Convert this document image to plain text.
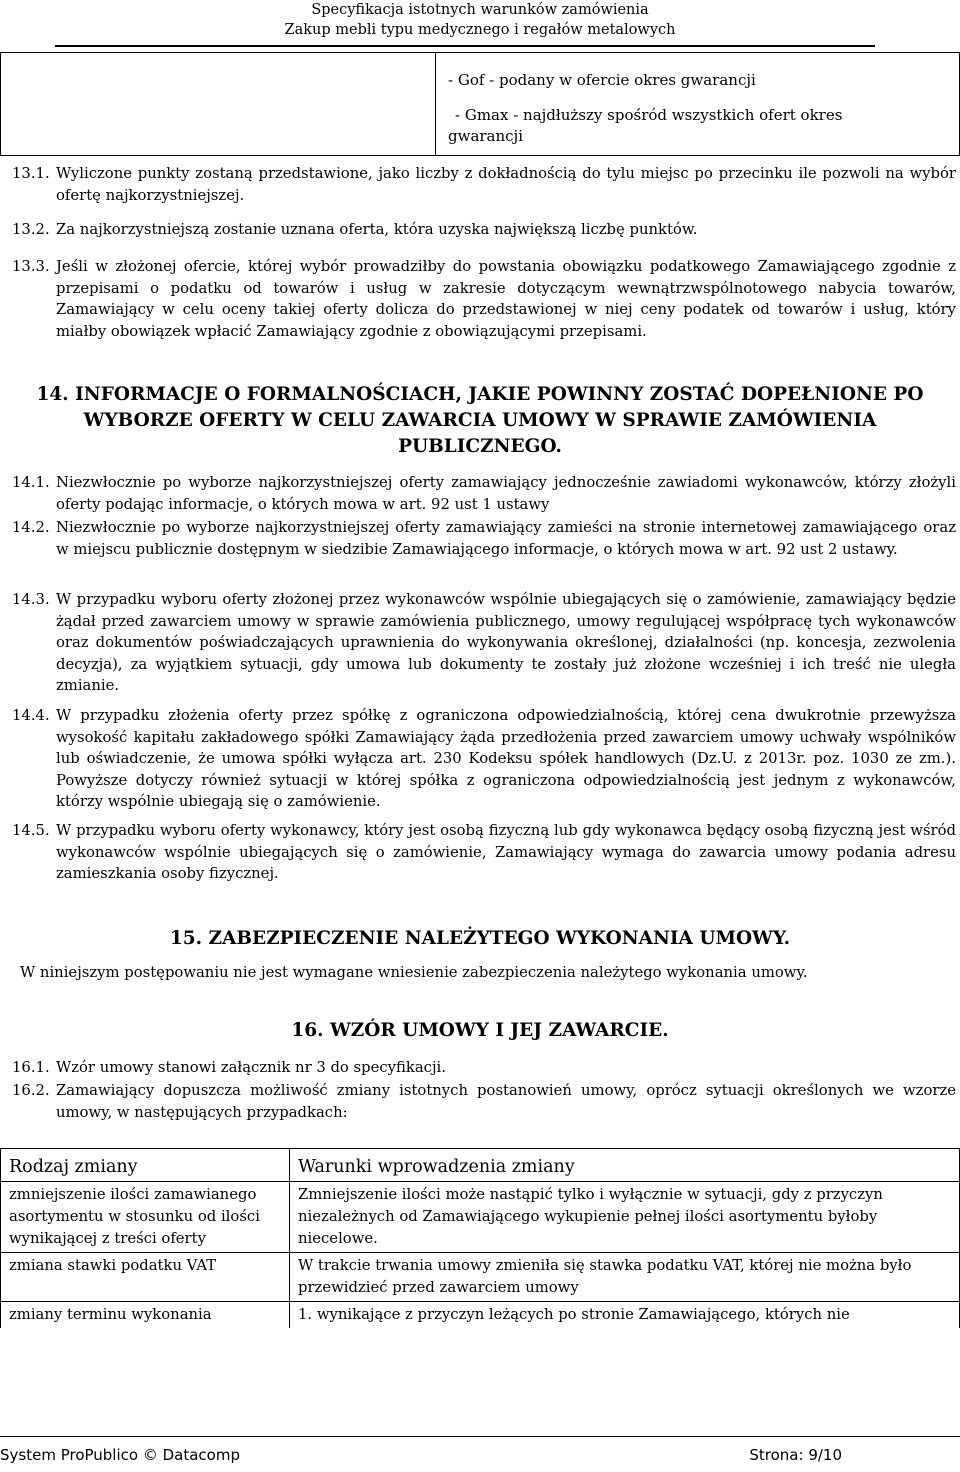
Specyfikacja istotnych warunków zamówienia
Zakup mebli typu medycznego i regałów metalowych
- Gof - podany w ofercie okres gwarancji
- Gmax - najdłuższy spośród wszystkich ofert okres
gwarancji
13.1. Wyliczone punkty zostaną przedstawione, jako liczby z dokładnością do tylu miejsc po przecinku ile pozwoli na wybór ofertę najkorzystniejszej.
13.2. Za najkorzystniejszą zostanie uznana oferta, która uzyska największą liczbę punktów.
13.3. Jeśli w złożonej ofercie, której wybór prowadziłby do powstania obowiązku podatkowego Zamawiającego zgodnie z przepisami o podatku od towarów i usług w zakresie dotyczącym wewnątrzwspólnotowego nabycia towarów, Zamawiający w celu oceny takiej oferty dolicza do przedstawionej w niej ceny podatek od towarów i usług, który miałby obowiązek wpłacić Zamawiający zgodnie z obowiązującymi przepisami.
14. INFORMACJE O FORMALNOŚCIACH, JAKIE POWINNY ZOSTAĆ DOPEŁNIONE PO
WYBORZE OFERTY W CELU ZAWARCIA UMOWY W SPRAWIE ZAMÓWIENIA
PUBLICZNEGO.
14.1. Niezwłocznie po wyborze najkorzystniejszej oferty zamawiający jednocześnie zawiadomi wykonawców, którzy złożyli oferty podając informacje, o których mowa w art. 92 ust 1 ustawy
14.2. Niezwłocznie po wyborze najkorzystniejszej oferty zamawiający zamieści na stronie internetowej zamawiającego oraz w miejscu publicznie dostępnym w siedzibie Zamawiającego informacje, o których mowa w art. 92 ust 2 ustawy.
14.3. W przypadku wyboru oferty złożonej przez wykonawców wspólnie ubiegających się o zamówienie, zamawiający będzie żądał przed zawarciem umowy w sprawie zamówienia publicznego, umowy regulującej współpracę tych wykonawców oraz dokumentów poświadczających uprawnienia do wykonywania określonej, działalności (np. koncesja, zezwolenia decyzja), za wyjątkiem sytuacji, gdy umowa lub dokumenty te zostały już złożone wcześniej i ich treść nie uległa zmianie.
14.4. W przypadku złożenia oferty przez spółkę z ograniczona odpowiedzialnością, której cena dwukrotnie przewyższa wysokość kapitału zakładowego spółki Zamawiający żąda przedłożenia przed zawarciem umowy uchwały wspólników lub oświadczenie, że umowa spółki wyłącza art. 230 Kodeksu spółek handlowych (Dz.U. z 2013r. poz. 1030 ze zm.). Powyższe dotyczy również sytuacji w której spółka z ograniczona odpowiedzialnością jest jednym z wykonawców, którzy wspólnie ubiegają się o zamówienie.
14.5. W przypadku wyboru oferty wykonawcy, który jest osobą fizyczną lub gdy wykonawca będący osobą fizyczną jest wśród wykonawców wspólnie ubiegających się o zamówienie, Zamawiający wymaga do zawarcia umowy podania adresu zamieszkania osoby fizycznej.
15. ZABEZPIECZENIE NALEŻYTEGO WYKONANIA UMOWY.
W niniejszym postępowaniu nie jest wymagane wniesienie zabezpieczenia należytego wykonania umowy.
16. WZÓR UMOWY I JEJ ZAWARCIE.
16.1. Wzór umowy stanowi załącznik nr 3 do specyfikacji.
16.2. Zamawiający dopuszcza możliwość zmiany istotnych postanowień umowy, oprócz sytuacji określonych we wzorze umowy, w następujących przypadkach:
Rodzaj zmiany	Warunki wprowadzenia zmiany
zmniejszenie ilości zamawianego asortymentu w stosunku od ilości wynikającej z treści oferty	Zmniejszenie ilości może nastąpić tylko i wyłącznie w sytuacji, gdy z przyczyn niezależnych od Zamawiającego wykupienie pełnej ilości asortymentu byłoby niecelowe.
zmiana stawki podatku VAT	W trakcie trwania umowy zmieniła się stawka podatku VAT, której nie można było przewidzieć przed zawarciem umowy
zmiany terminu wykonania	1. wynikające z przyczyn leżących po stronie Zamawiającego, których nie
System ProPublico © Datacomp	Strona: 9/10
